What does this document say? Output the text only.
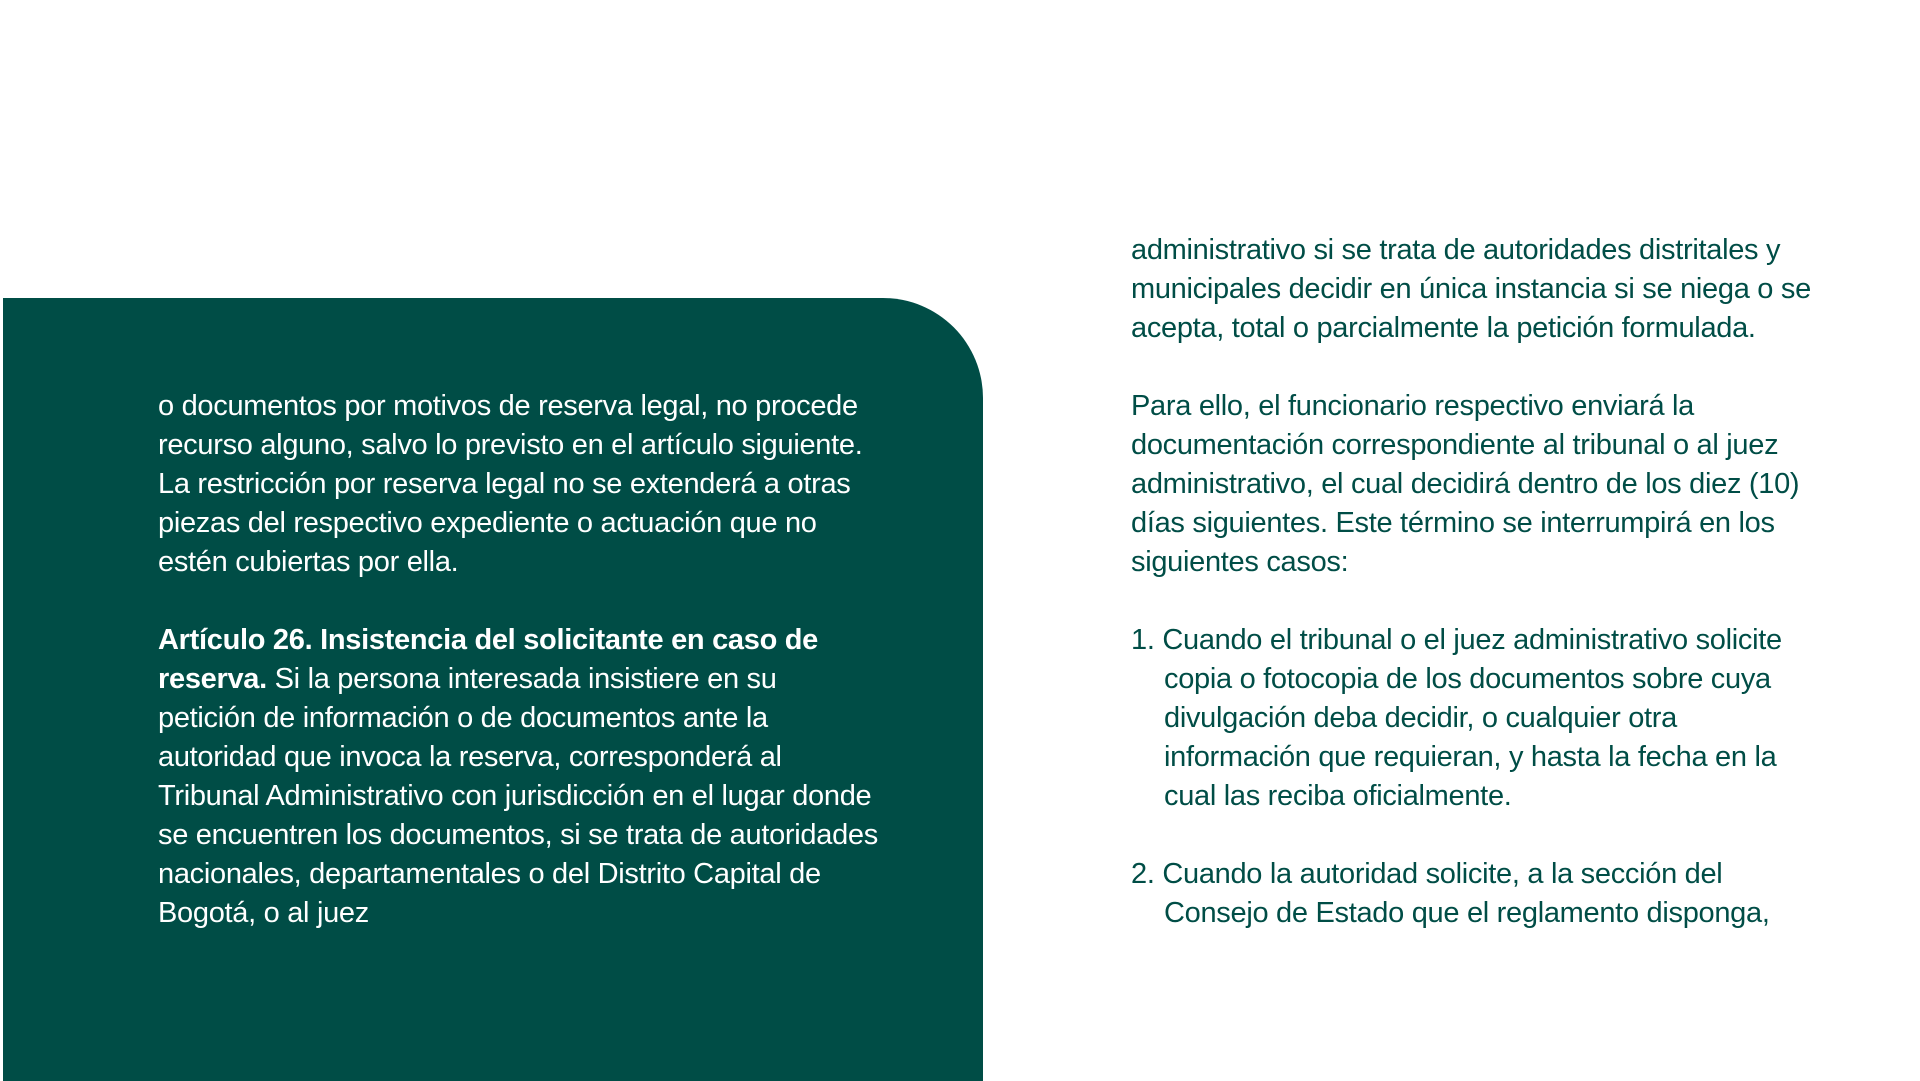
o documentos por motivos de reserva legal, no procede recurso alguno, salvo lo previsto en el artículo siguiente.

La restricción por reserva legal no se extenderá a otras piezas del respectivo expediente o actuación que no estén cubiertas por ella.

Artículo 26. Insistencia del solicitante en caso de reserva. Si la persona interesada insistiere en su petición de información o de documentos ante la autoridad que invoca la reserva, corresponderá al Tribunal Administrativo con jurisdicción en el lugar donde se encuentren los documentos, si se trata de autoridades nacionales, departamentales o del Distrito Capital de Bogotá, o al juez

administrativo si se trata de autoridades distritales y municipales decidir en única instancia si se niega o se acepta, total o parcialmente la petición formulada.

Para ello, el funcionario respectivo enviará la documentación correspondiente al tribunal o al juez administrativo, el cual decidirá dentro de los diez (10) días siguientes. Este término se interrumpirá en los siguientes casos:

1. Cuando el tribunal o el juez administrativo solicite copia o fotocopia de los documentos sobre cuya divulgación deba decidir, o cualquier otra información que requieran, y hasta la fecha en la cual las reciba oficialmente.

2. Cuando la autoridad solicite, a la sección del Consejo de Estado que el reglamento disponga,
